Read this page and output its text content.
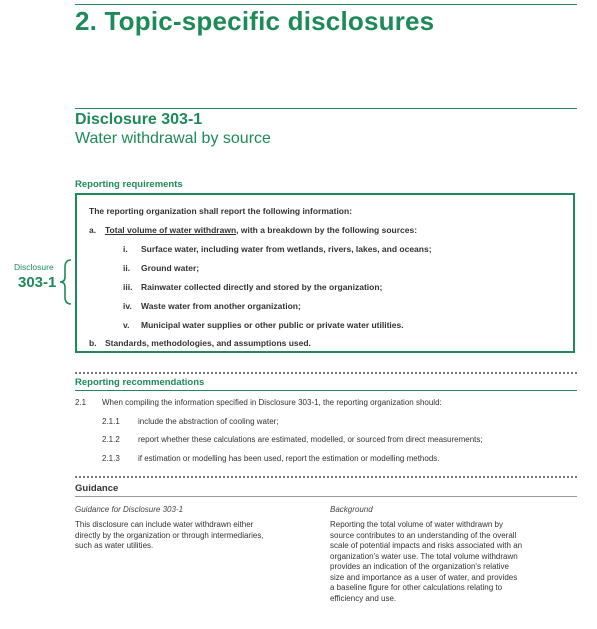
2. Topic-specific disclosures
Disclosure 303-1
Water withdrawal by source
Reporting requirements
Disclosure
303-1
The reporting organization shall report the following information:
a. Total volume of water withdrawn, with a breakdown by the following sources:
i. Surface water, including water from wetlands, rivers, lakes, and oceans;
ii. Ground water;
iii. Rainwater collected directly and stored by the organization;
iv. Waste water from another organization;
v. Municipal water supplies or other public or private water utilities.
b. Standards, methodologies, and assumptions used.
Reporting recommendations
2.1 When compiling the information specified in Disclosure 303-1, the reporting organization should:
2.1.1 include the abstraction of cooling water;
2.1.2 report whether these calculations are estimated, modelled, or sourced from direct measurements;
2.1.3 if estimation or modelling has been used, report the estimation or modelling methods.
Guidance
Guidance for Disclosure 303-1
This disclosure can include water withdrawn either
directly by the organization or through intermediaries,
such as water utilities.
Background
Reporting the total volume of water withdrawn by
source contributes to an understanding of the overall
scale of potential impacts and risks associated with an
organization's water use. The total volume withdrawn
provides an indication of the organization's relative
size and importance as a user of water, and provides
a baseline figure for other calculations relating to
efficiency and use.
